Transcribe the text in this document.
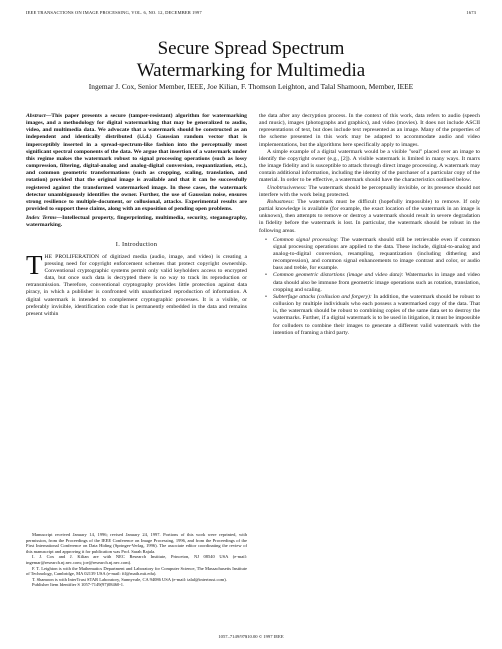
IEEE TRANSACTIONS ON IMAGE PROCESSING, VOL. 6, NO. 12, DECEMBER 1997	1673
Secure Spread Spectrum
Watermarking for Multimedia
Ingemar J. Cox, Senior Member, IEEE, Joe Kilian, F. Thomson Leighton, and Talal Shamoon, Member, IEEE

Abstract—This paper presents a secure (tamper-resistant) algorithm for watermarking images, and a methodology for digital watermarking that may be generalized to audio, video, and multimedia data. We advocate that a watermark should be constructed as an independent and identically distributed (i.i.d.) Gaussian random vector that is imperceptibly inserted in a spread-spectrum-like fashion into the perceptually most significant spectral components of the data. We argue that insertion of a watermark under this regime makes the watermark robust to signal processing operations (such as lossy compression, filtering, digital-analog and analog-digital conversion, requantization, etc.), and common geometric transformations (such as cropping, scaling, translation, and rotation) provided that the original image is available and that it can be successfully registered against the transformed watermarked image. In these cases, the watermark detector unambiguously identifies the owner. Further, the use of Gaussian noise, ensures strong resilience to multiple-document, or collusional, attacks. Experimental results are provided to support these claims, along with an exposition of pending open problems.

Index Terms—Intellectual property, fingerprinting, multimedia, security, steganography, watermarking.

I. Introduction

THE PROLIFERATION of digitized media (audio, image, and video) is creating a pressing need for copyright enforcement schemes that protect copyright ownership. Conventional cryptographic systems permit only valid keyholders access to encrypted data, but once such data is decrypted there is no way to track its reproduction or retransmission. Therefore, conventional cryptography provides little protection against data piracy, in which a publisher is confronted with unauthorized reproduction of information. A digital watermark is intended to complement cryptographic processes. It is a visible, or preferably invisible, identification code that is permanently embedded in the data and remains present within

Manuscript received January 14, 1996; revised January 24, 1997. Portions of this work were reprinted, with permission, from the Proceedings of the IEEE Conference on Image Processing, 1996, and from the Proceedings of the First International Conference on Data Hiding (Springer-Verlag, 1996). The associate editor coordinating the review of this manuscript and approving it for publication was Prof. Sarah Rajala.

I. J. Cox and J. Kilian are with NEC Research Institute, Princeton, NJ 08540 USA (e-mail: ingemar@research.nj.nec.com; joe@research.nj.nec.com).

F. T. Leighton is with the Mathematics Department and Laboratory for Computer Science, The Massachusetts Institute of Technology, Cambridge, MA 02139 USA (e-mail: ftl@math.mit.edu).

T. Shamoon is with InterTrust STAR Laboratory, Sunnyvale, CA 94086 USA (e-mail: talal@intertrust.com).

Publisher Item Identifier S 1057-7149(97)08460-1.

the data after any decryption process. In the context of this work, data refers to audio (speech and music), images (photographs and graphics), and video (movies). It does not include ASCII representations of text, but does include text represented as an image. Many of the properties of the scheme presented in this work may be adapted to accommodate audio and video implementations, but the algorithms here specifically apply to images.

A simple example of a digital watermark would be a visible "seal" placed over an image to identify the copyright owner (e.g., [2]). A visible watermark is limited in many ways. It marrs the image fidelity and is susceptible to attack through direct image processing. A watermark may contain additional information, including the identity of the purchaser of a particular copy of the material. In order to be effective, a watermark should have the characteristics outlined below.

Unobtrusiveness: The watermark should be perceptually invisible, or its presence should not interfere with the work being protected.

Robustness: The watermark must be difficult (hopefully impossible) to remove. If only partial knowledge is available (for example, the exact location of the watermark in an image is unknown), then attempts to remove or destroy a watermark should result in severe degradation in fidelity before the watermark is lost. In particular, the watermark should be robust in the following areas.

• Common signal processing: The watermark should still be retrievable even if common signal processing operations are applied to the data. These include, digital-to-analog and analog-to-digital conversion, resampling, requantization (including dithering and recompression), and common signal enhancements to image contrast and color, or audio bass and treble, for example.
• Common geometric distortions (image and video data): Watermarks in image and video data should also be immune from geometric image operations such as rotation, translation, cropping and scaling.
• Subterfuge attacks (collusion and forgery): In addition, the watermark should be robust to collusion by multiple individuals who each possess a watermarked copy of the data. That is, the watermark should be robust to combining copies of the same data set to destroy the watermarks. Further, if a digital watermark is to be used in litigation, it must be impossible for colluders to combine their images to generate a different valid watermark with the intention of framing a third party.
1057–7149/97$10.00 © 1997 IEEE
